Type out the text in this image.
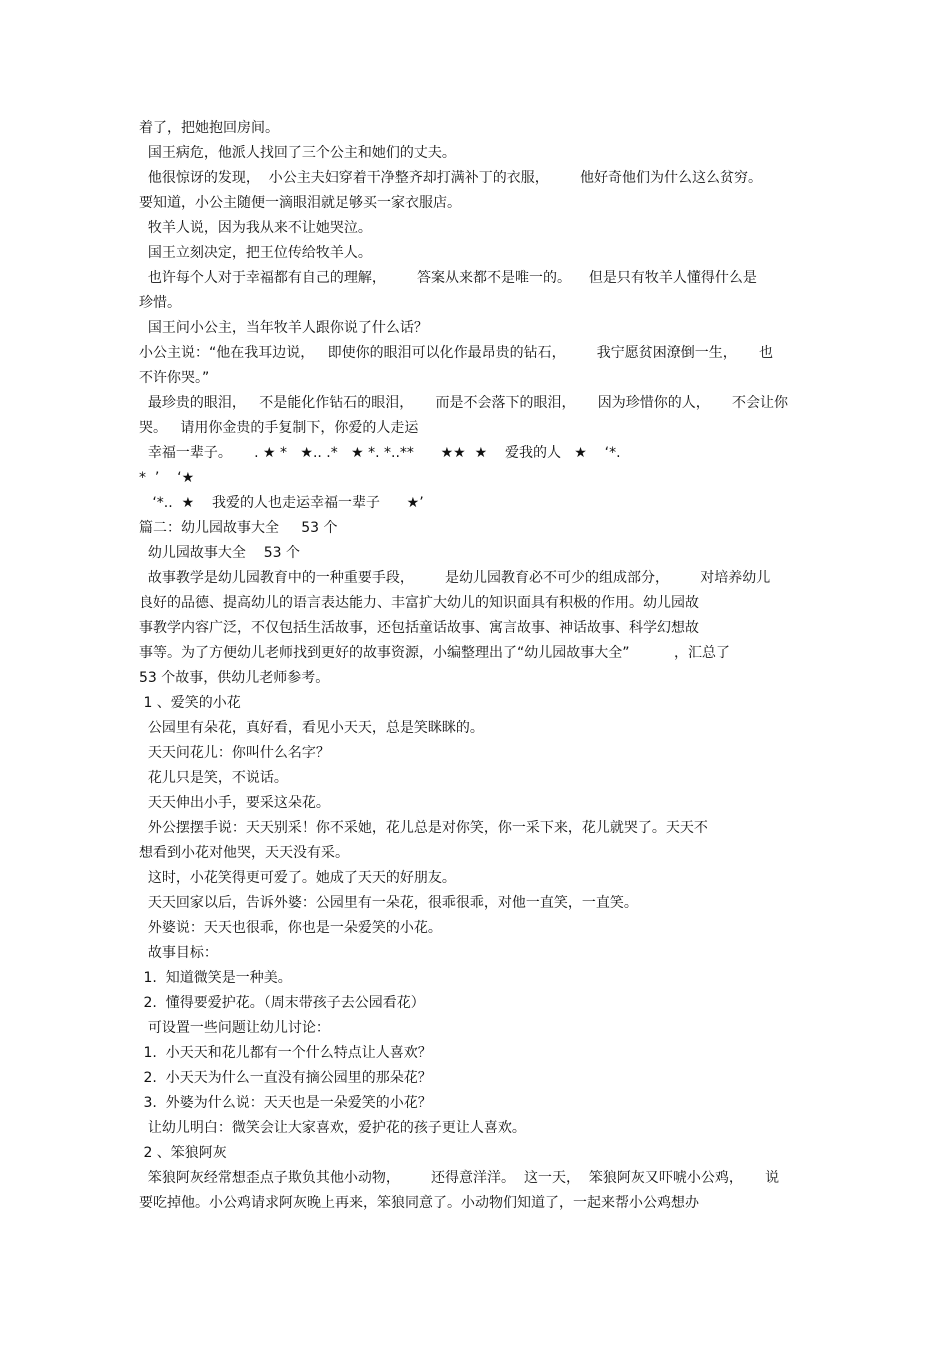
着了，把她抱回房间。
国王病危，他派人找回了三个公主和她们的丈夫。
他很惊讶的发现，  小公主夫妇穿着干净整齐却打满补丁的衣服，       他好奇他们为什么这么贫穷。
要知道，小公主随便一滴眼泪就足够买一家衣服店。
牧羊人说，因为我从来不让她哭泣。
国王立刻决定，把王位传给牧羊人。
也许每个人对于幸福都有自己的理解，       答案从来都不是唯一的。    但是只有牧羊人懂得什么是
珍惜。
国王问小公主，当年牧羊人跟你说了什么话？
小公主说：“他在我耳边说，   即使你的眼泪可以化作最昂贵的钻石，       我宁愿贫困潦倒一生，     也
不许你哭。”
最珍贵的眼泪，   不是能化作钻石的眼泪，     而是不会落下的眼泪，     因为珍惜你的人，     不会让你
哭。   请用你金贵的手复制下，你爱的人走运
幸福一辈子。     . ★ *   ★.. .*   ★ *. *..**      ★★  ★    爱我的人   ★    ‘*.
*  ’    ‘★
‘*..  ★    我爱的人也走运幸福一辈子      ★’
篇二：幼儿园故事大全     53 个
幼儿园故事大全    53 个
故事教学是幼儿园教育中的一种重要手段，       是幼儿园教育必不可少的组成部分，       对培养幼儿
良好的品德、提高幼儿的语言表达能力、丰富扩大幼儿的知识面具有积极的作用。幼儿园故
事教学内容广泛，不仅包括生活故事，还包括童话故事、寓言故事、神话故事、科学幻想故
事等。为了方便幼儿老师找到更好的故事资源，小编整理出了“幼儿园故事大全”          ，汇总了
53 个故事，供幼儿老师参考。
1 、爱笑的小花
公园里有朵花，真好看，看见小天天，总是笑眯眯的。
天天问花儿：你叫什么名字？
花儿只是笑，不说话。
天天伸出小手，要采这朵花。
外公摆摆手说：天天别采！你不采她，花儿总是对你笑，你一采下来，花儿就哭了。天天不
想看到小花对他哭，天天没有采。
这时，小花笑得更可爱了。她成了天天的好朋友。
天天回家以后，告诉外婆：公园里有一朵花，很乖很乖，对他一直笑，一直笑。
外婆说：天天也很乖，你也是一朵爱笑的小花。
故事目标：
1.  知道微笑是一种美。
2.  懂得要爱护花。（周末带孩子去公园看花）
可设置一些问题让幼儿讨论：
1.  小天天和花儿都有一个什么特点让人喜欢？
2.  小天天为什么一直没有摘公园里的那朵花？
3.  外婆为什么说：天天也是一朵爱笑的小花？
让幼儿明白：微笑会让大家喜欢，爱护花的孩子更让人喜欢。
2 、笨狼阿灰
笨狼阿灰经常想歪点子欺负其他小动物，       还得意洋洋。  这一天，  笨狼阿灰又吓唬小公鸡，     说
要吃掉他。小公鸡请求阿灰晚上再来，笨狼同意了。小动物们知道了，一起来帮小公鸡想办
